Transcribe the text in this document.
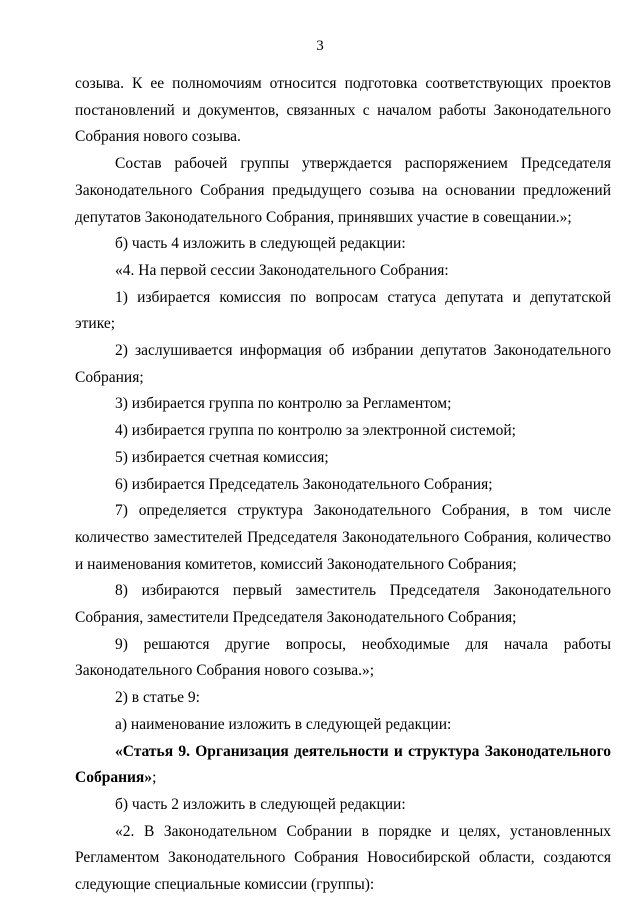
3

созыва. К ее полномочиям относится подготовка соответствующих проектов постановлений и документов, связанных с началом работы Законодательного Собрания нового созыва.

Состав рабочей группы утверждается распоряжением Председателя Законодательного Собрания предыдущего созыва на основании предложений депутатов Законодательного Собрания, принявших участие в совещании.»;

б) часть 4 изложить в следующей редакции:

«4. На первой сессии Законодательного Собрания:

1) избирается комиссия по вопросам статуса депутата и депутатской этике;

2) заслушивается информация об избрании депутатов Законодательного Собрания;

3) избирается группа по контролю за Регламентом;

4) избирается группа по контролю за электронной системой;

5) избирается счетная комиссия;

6) избирается Председатель Законодательного Собрания;

7) определяется структура Законодательного Собрания, в том числе количество заместителей Председателя Законодательного Собрания, количество и наименования комитетов, комиссий Законодательного Собрания;

8) избираются первый заместитель Председателя Законодательного Собрания, заместители Председателя Законодательного Собрания;

9) решаются другие вопросы, необходимые для начала работы Законодательного Собрания нового созыва.»;

2) в статье 9:

а) наименование изложить в следующей редакции:

«Статья 9. Организация деятельности и структура Законодательного Собрания»;

б) часть 2 изложить в следующей редакции:

«2. В Законодательном Собрании в порядке и целях, установленных Регламентом Законодательного Собрания Новосибирской области, создаются следующие специальные комиссии (группы):
